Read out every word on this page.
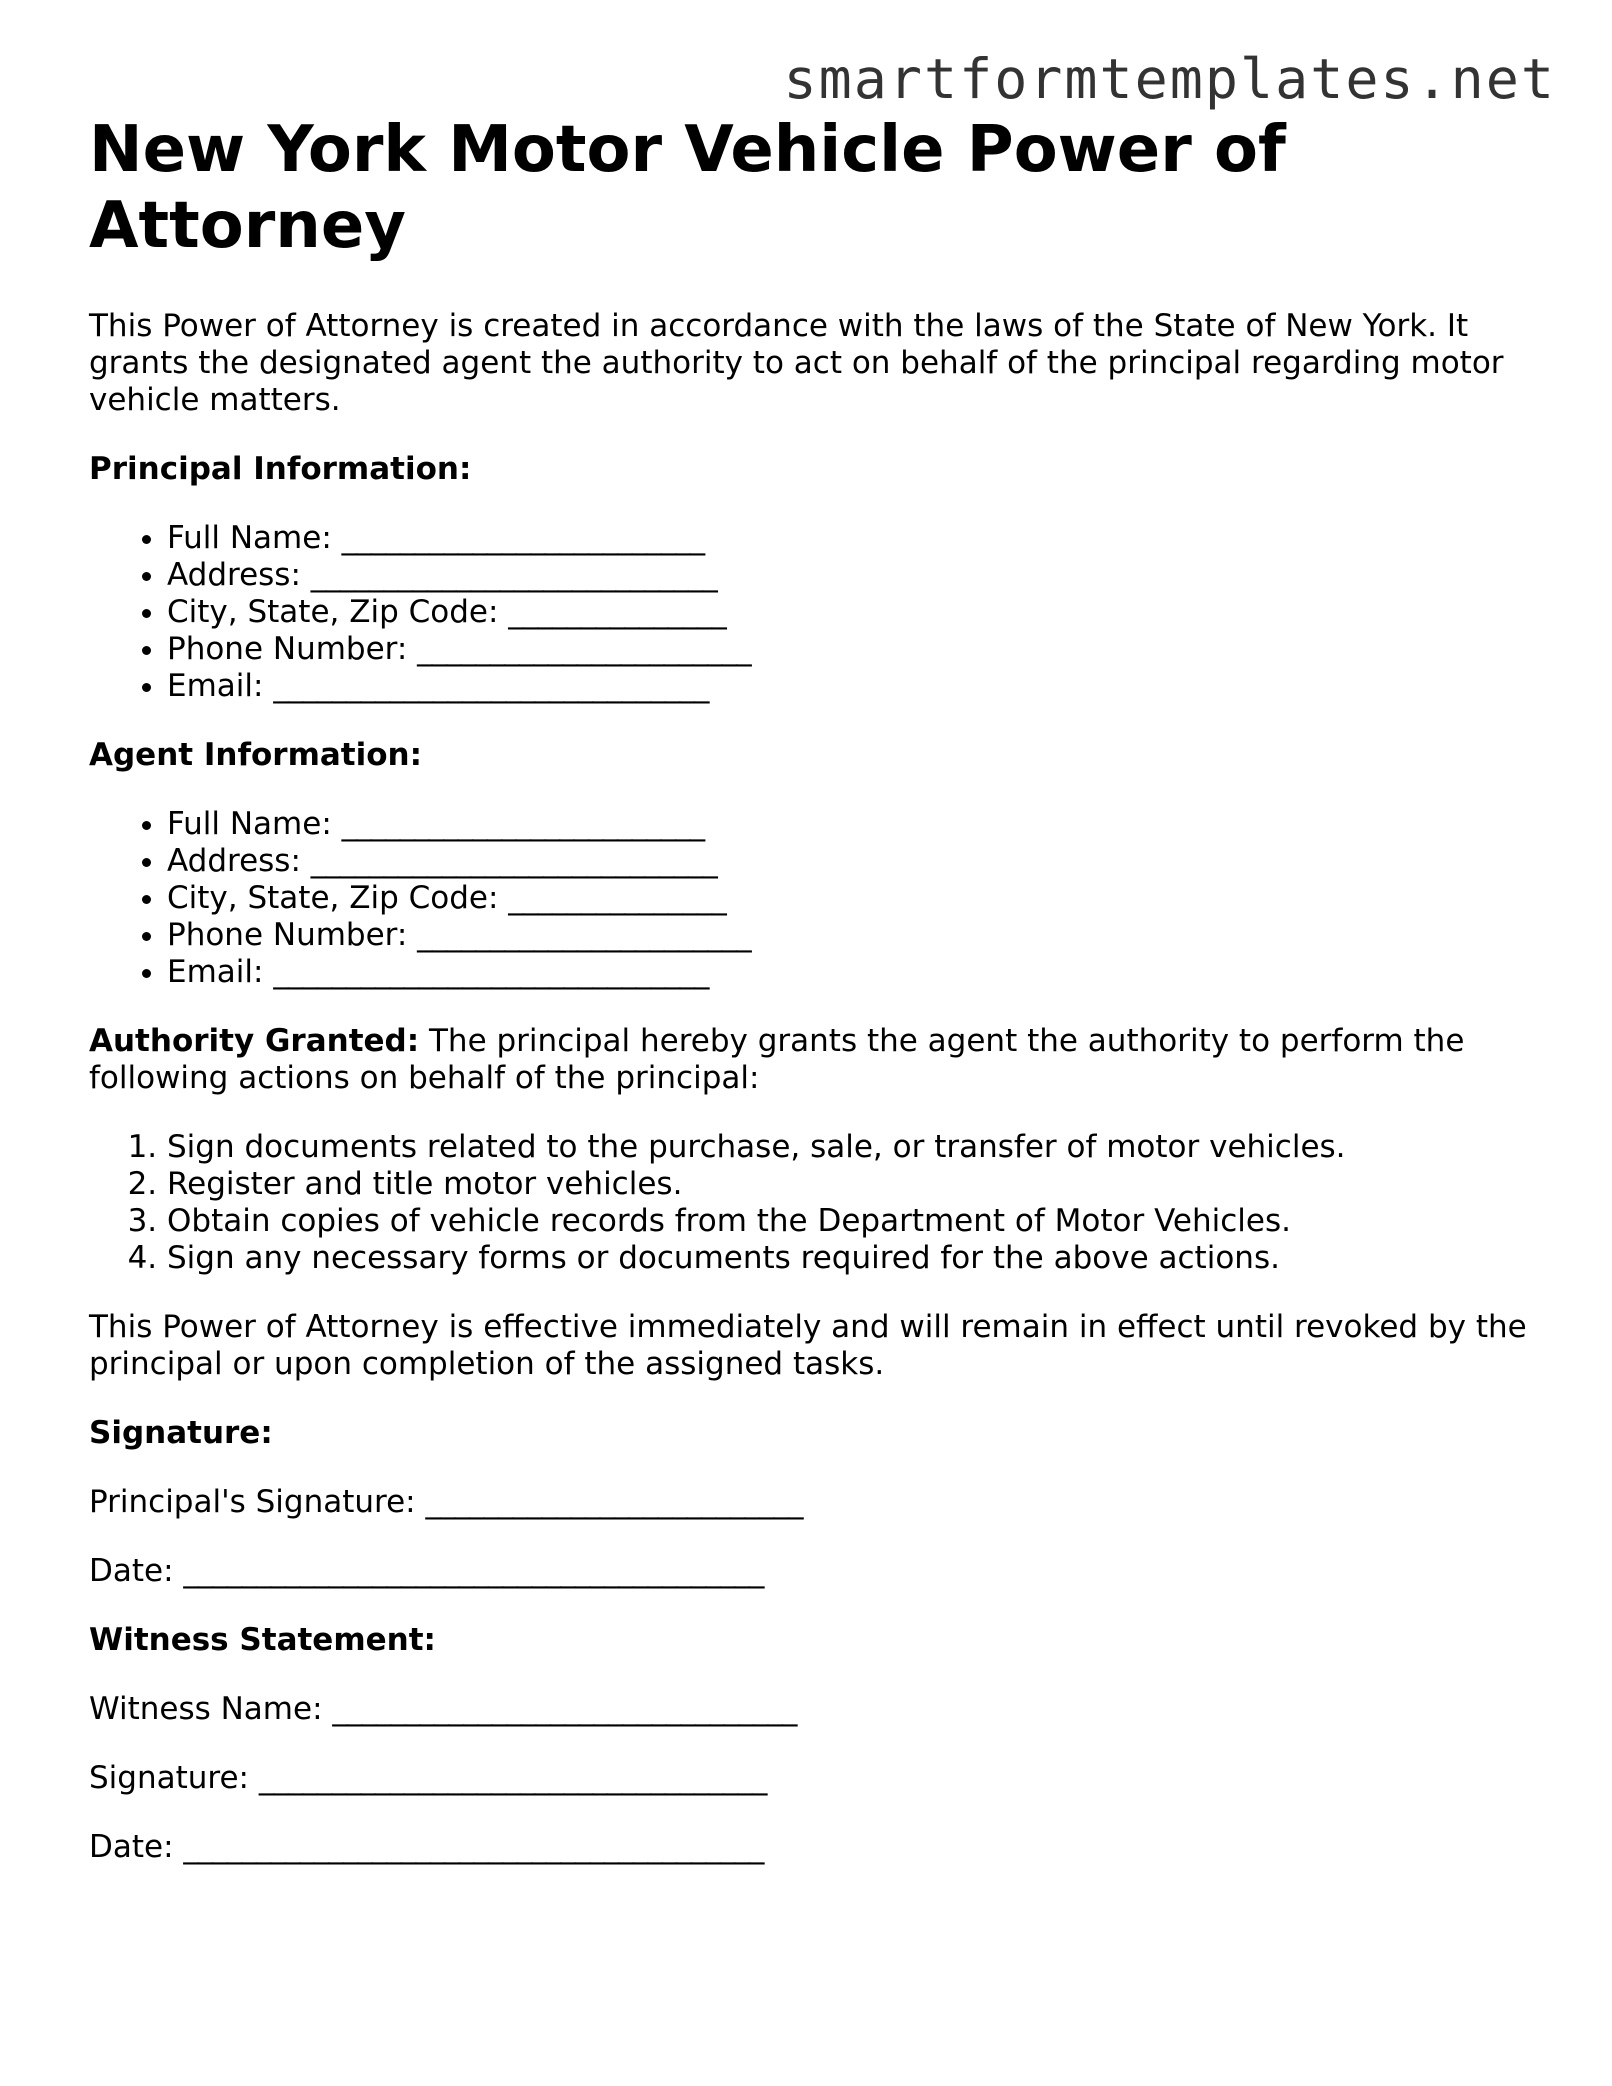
smartformtemplates.net
New York Motor Vehicle Power of Attorney

This Power of Attorney is created in accordance with the laws of the State of New York. It grants the designated agent the authority to act on behalf of the principal regarding motor vehicle matters.

Principal Information:

• Full Name: _________________________
• Address: ____________________________
• City, State, Zip Code: _______________
• Phone Number: _______________________
• Email: ______________________________

Agent Information:

• Full Name: _________________________
• Address: ____________________________
• City, State, Zip Code: _______________
• Phone Number: _______________________
• Email: ______________________________

Authority Granted: The principal hereby grants the agent the authority to perform the following actions on behalf of the principal:

1. Sign documents related to the purchase, sale, or transfer of motor vehicles.
2. Register and title motor vehicles.
3. Obtain copies of vehicle records from the Department of Motor Vehicles.
4. Sign any necessary forms or documents required for the above actions.

This Power of Attorney is effective immediately and will remain in effect until revoked by the principal or upon completion of the assigned tasks.

Signature:

Principal's Signature: __________________________

Date: ________________________________________

Witness Statement:

Witness Name: ________________________________

Signature: ___________________________________

Date: ________________________________________
